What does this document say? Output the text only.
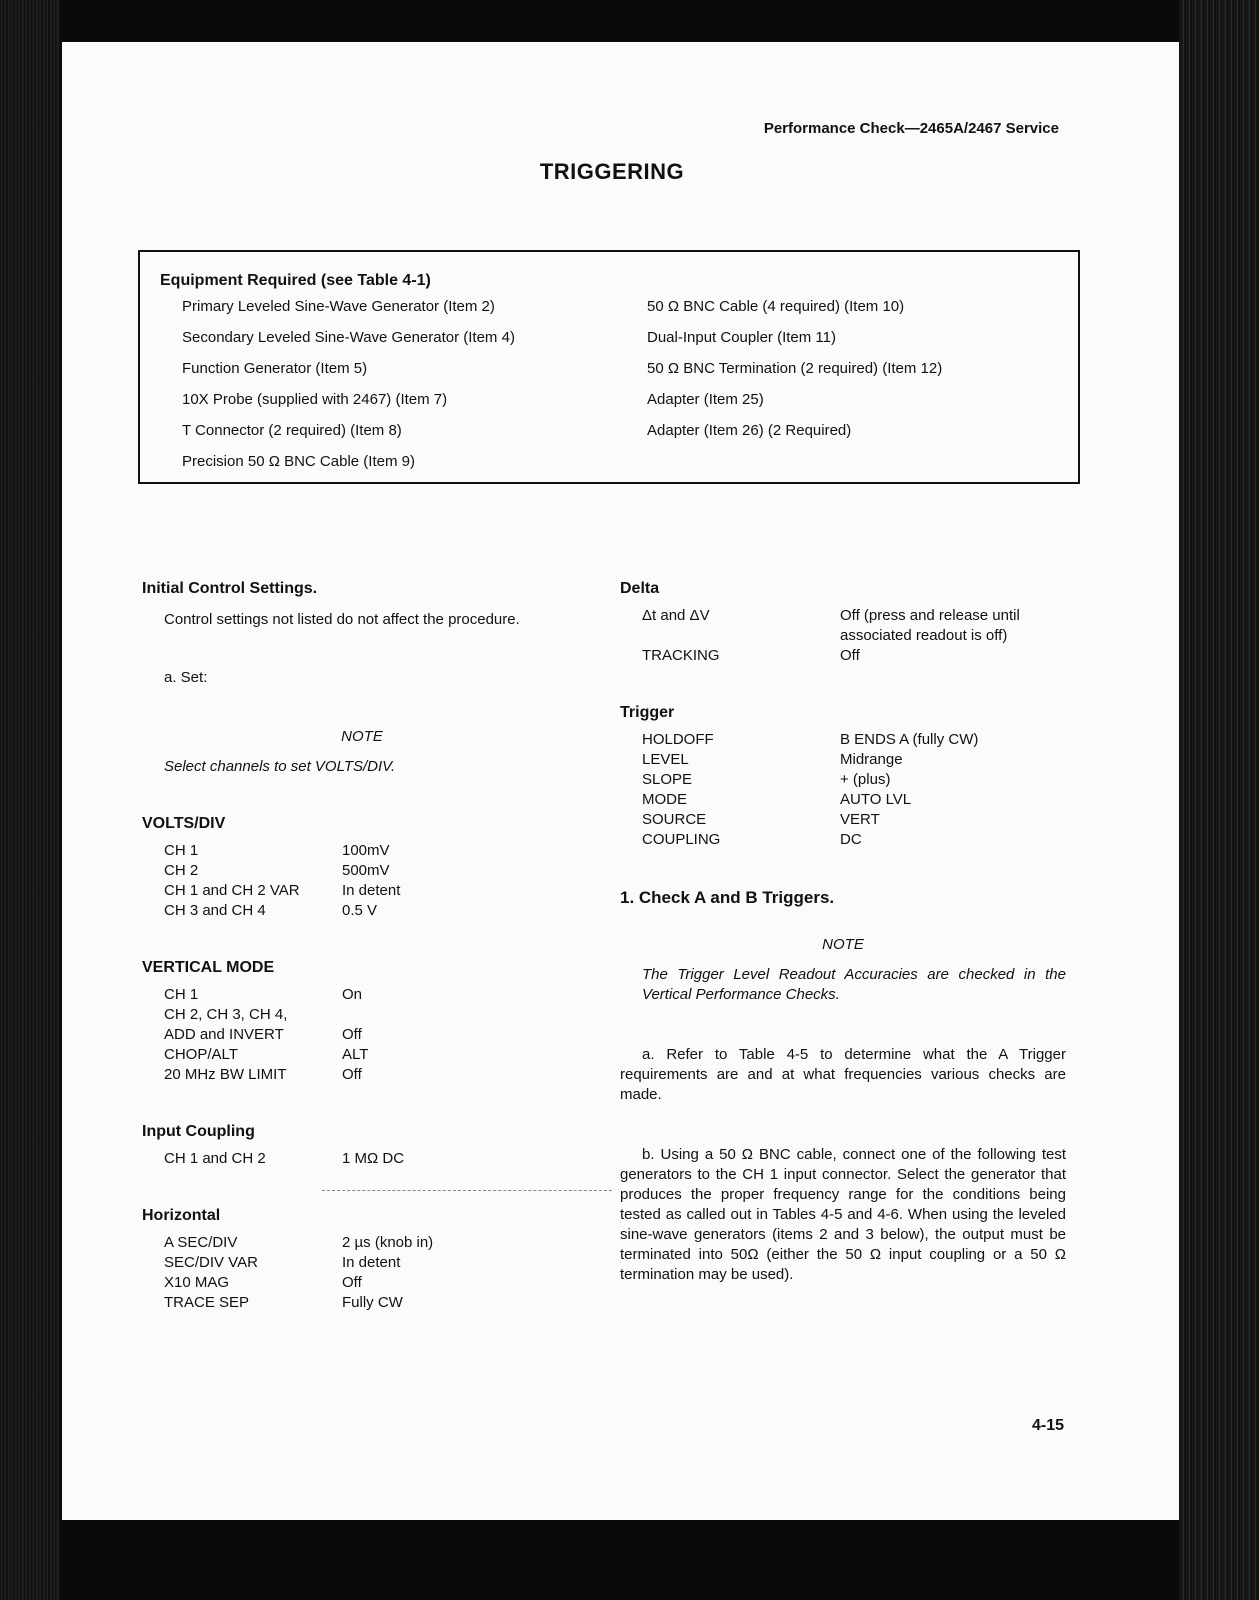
Performance Check—2465A/2467 Service
TRIGGERING
Equipment Required (see Table 4-1)
Primary Leveled Sine-Wave Generator (Item 2)
Secondary Leveled Sine-Wave Generator (Item 4)
Function Generator (Item 5)
10X Probe (supplied with 2467) (Item 7)
T Connector (2 required) (Item 8)
Precision 50 Ω BNC Cable (Item 9)
50 Ω BNC Cable (4 required) (Item 10)
Dual-Input Coupler (Item 11)
50 Ω BNC Termination (2 required) (Item 12)
Adapter (Item 25)
Adapter (Item 26) (2 Required)
Initial Control Settings.
Control settings not listed do not affect the procedure.
a. Set:
NOTE
Select channels to set VOLTS/DIV.
VOLTS/DIV
CH 1	100mV
CH 2	500mV
CH 1 and CH 2 VAR	In detent
CH 3 and CH 4	0.5 V
VERTICAL MODE
CH 1	On
CH 2, CH 3, CH 4,
ADD and INVERT	Off
CHOP/ALT	ALT
20 MHz BW LIMIT	Off
Input Coupling
CH 1 and CH 2	1 MΩ DC
Horizontal
A SEC/DIV	2 µs (knob in)
SEC/DIV VAR	In detent
X10 MAG	Off
TRACE SEP	Fully CW
Delta
Δt and ΔV	Off (press and release until associated readout is off)
TRACKING	Off
Trigger
HOLDOFF	B ENDS A (fully CW)
LEVEL	Midrange
SLOPE	+ (plus)
MODE	AUTO LVL
SOURCE	VERT
COUPLING	DC
1. Check A and B Triggers.
NOTE
The Trigger Level Readout Accuracies are checked in the Vertical Performance Checks.
a. Refer to Table 4-5 to determine what the A Trigger requirements are and at what frequencies various checks are made.
b. Using a 50 Ω BNC cable, connect one of the following test generators to the CH 1 input connector. Select the generator that produces the proper frequency range for the conditions being tested as called out in Tables 4-5 and 4-6. When using the leveled sine-wave generators (items 2 and 3 below), the output must be terminated into 50Ω (either the 50 Ω input coupling or a 50 Ω termination may be used).
4-15
